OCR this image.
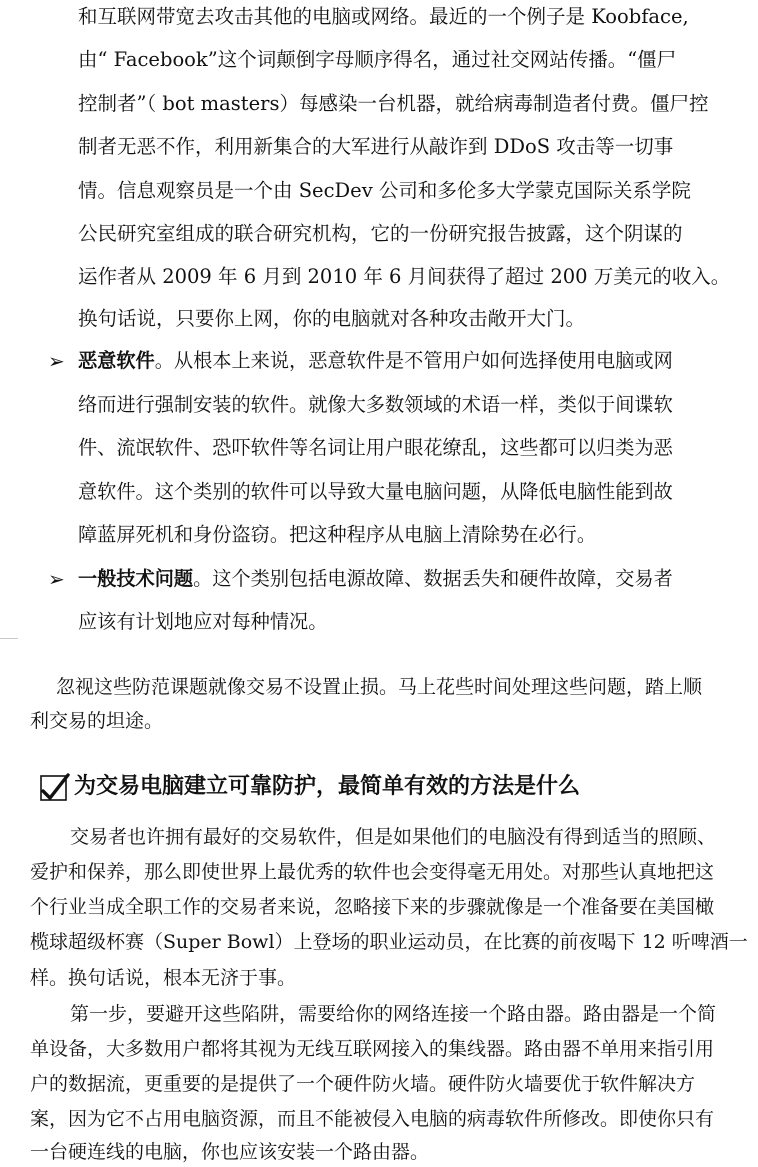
和互联网带宽去攻击其他的电脑或网络。最近的一个例子是 Koobface,
由“ Facebook”这个词颠倒字母顺序得名，通过社交网站传播。“僵尸
控制者”（ bot masters）每感染一台机器，就给病毒制造者付费。僵尸控
制者无恶不作，利用新集合的大军进行从敲诈到 DDoS 攻击等一切事
情。信息观察员是一个由 SecDev 公司和多伦多大学蒙克国际关系学院
公民研究室组成的联合研究机构，它的一份研究报告披露，这个阴谋的
运作者从 2009 年 6 月到 2010 年 6 月间获得了超过 200 万美元的收入。
换句话说，只要你上网，你的电脑就对各种攻击敞开大门。
➢ 恶意软件。从根本上来说，恶意软件是不管用户如何选择使用电脑或网
络而进行强制安装的软件。就像大多数领域的术语一样，类似于间谍软
件、流氓软件、恐吓软件等名词让用户眼花缭乱，这些都可以归类为恶
意软件。这个类别的软件可以导致大量电脑问题，从降低电脑性能到故
障蓝屏死机和身份盗窃。把这种程序从电脑上清除势在必行。
➢ 一般技术问题。这个类别包括电源故障、数据丢失和硬件故障，交易者
应该有计划地应对每种情况。
忽视这些防范课题就像交易不设置止损。马上花些时间处理这些问题，踏上顺
利交易的坦途。
为交易电脑建立可靠防护，最简单有效的方法是什么
交易者也许拥有最好的交易软件，但是如果他们的电脑没有得到适当的照顾、
爱护和保养，那么即使世界上最优秀的软件也会变得毫无用处。对那些认真地把这
个行业当成全职工作的交易者来说，忽略接下来的步骤就像是一个准备要在美国橄
榄球超级杯赛（Super Bowl）上登场的职业运动员，在比赛的前夜喝下 12 听啤酒一
样。换句话说，根本无济于事。
第一步，要避开这些陷阱，需要给你的网络连接一个路由器。路由器是一个简
单设备，大多数用户都将其视为无线互联网接入的集线器。路由器不单用来指引用
户的数据流，更重要的是提供了一个硬件防火墙。硬件防火墙要优于软件解决方
案，因为它不占用电脑资源，而且不能被侵入电脑的病毒软件所修改。即使你只有
一台硬连线的电脑，你也应该安装一个路由器。
